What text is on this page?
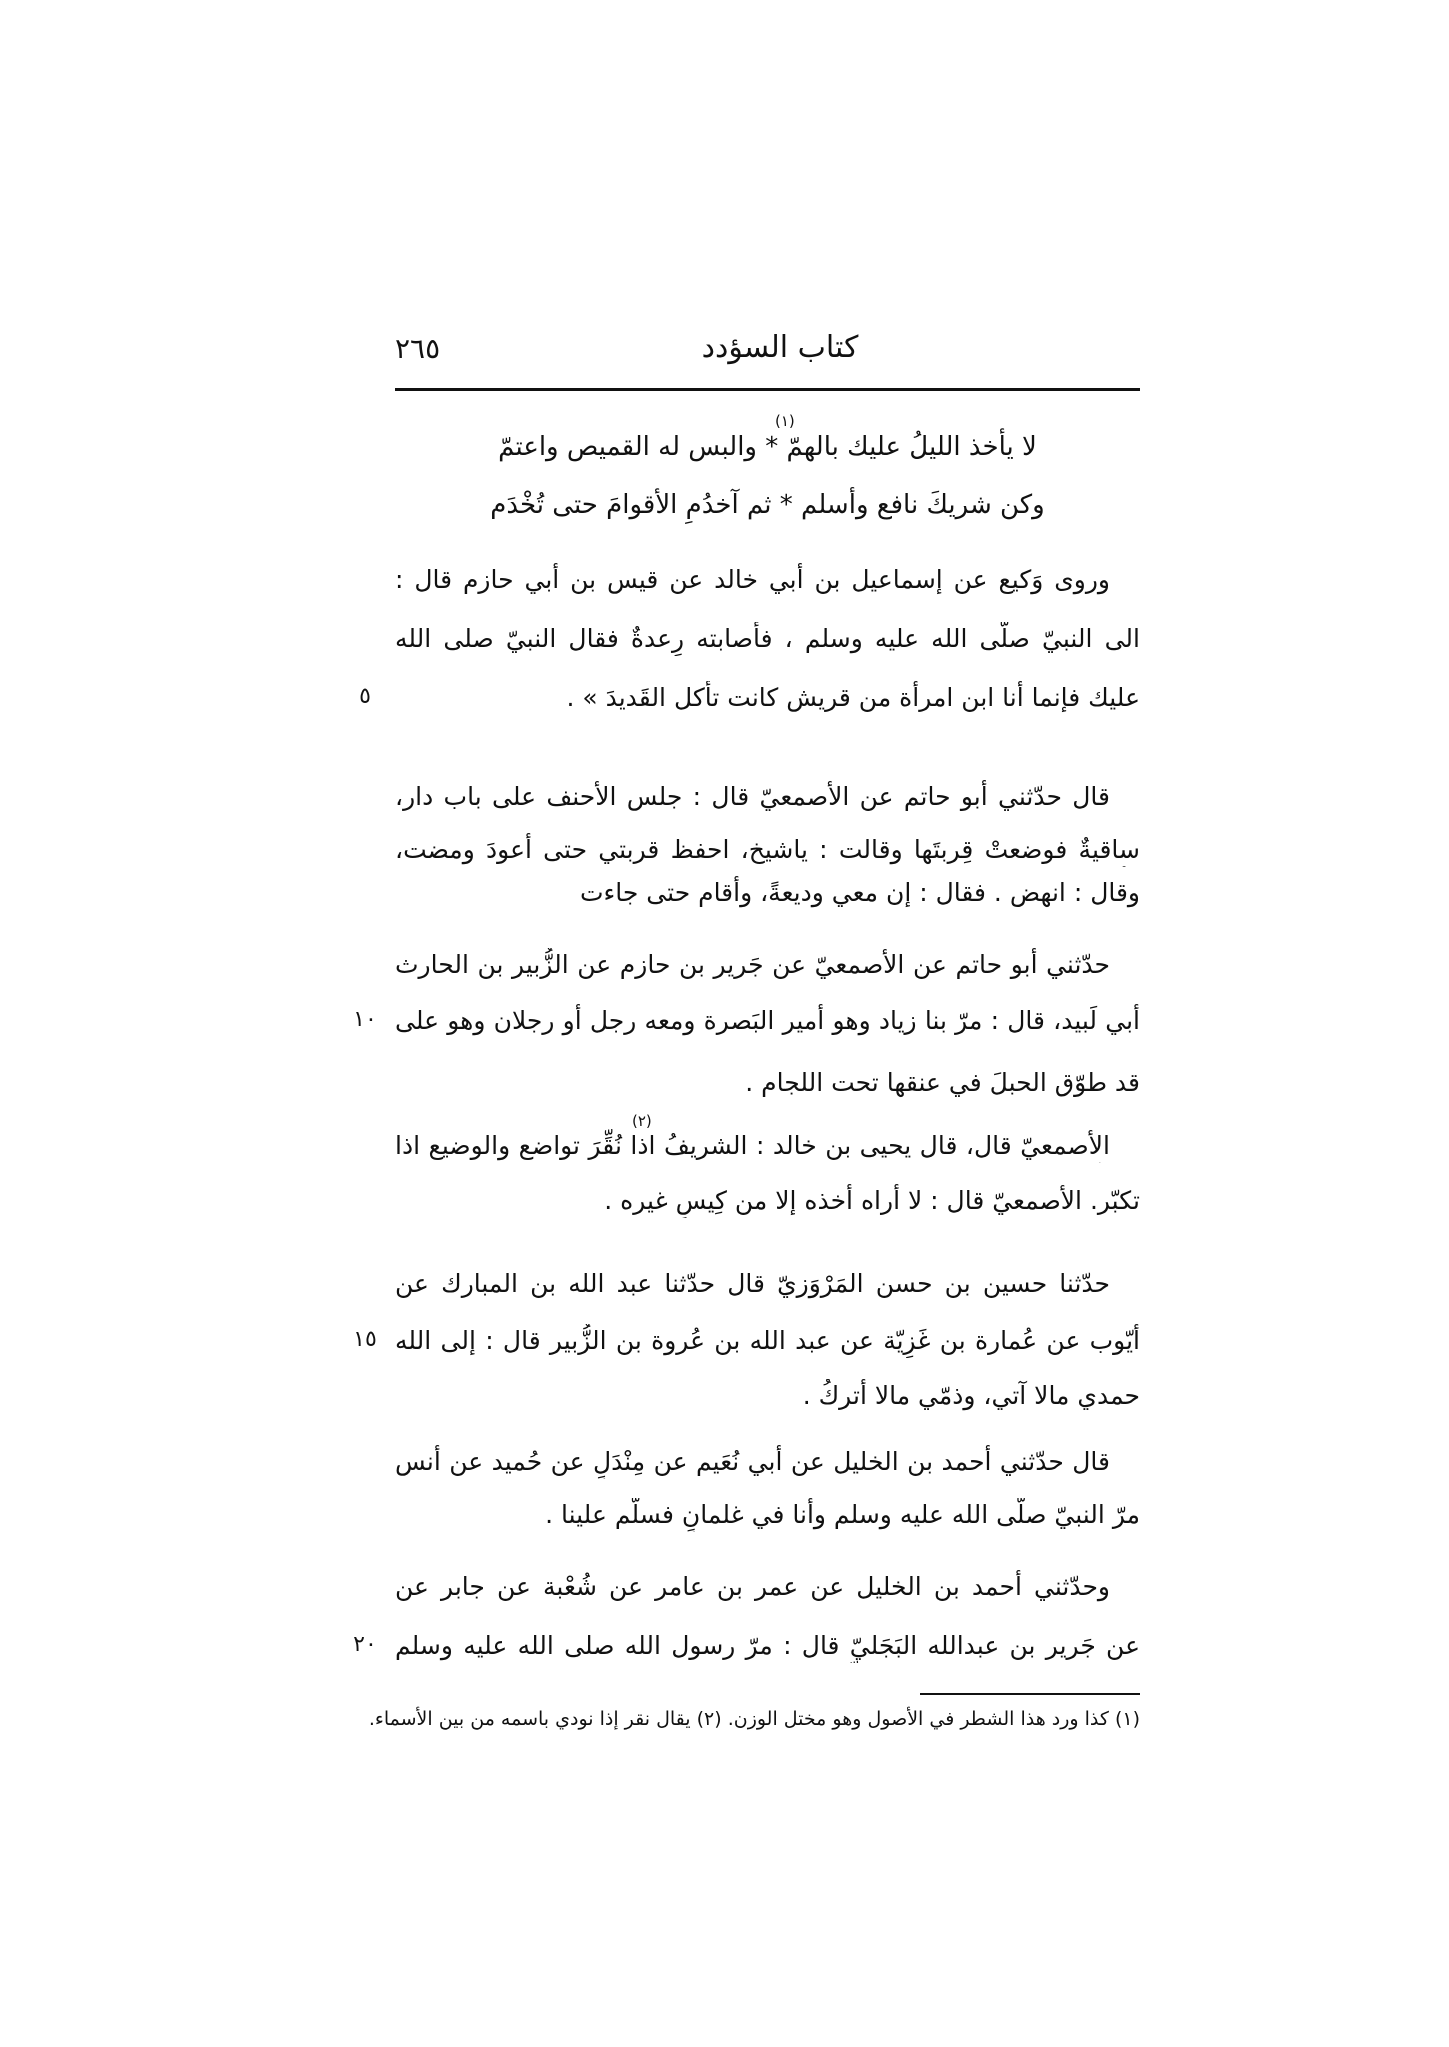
كتاب السؤدد
٢٦٥
(١)
لا يأخذ الليلُ عليك بالهمّ * والبس له القميص واعتمّ
وكن شريكَ نافع وأسلم * ثم آخدُمِ الأقوامَ حتى تُخْدَم
وروى وَكيع عن إسماعيل بن أبي خالد عن قيس بن أبي حازم قال :
الى النبيّ صلّى الله عليه وسلم ، فأصابته رِعدةٌ فقال النبيّ صلى الله
عليك فإنما أنا ابن امرأة من قريش كانت تأكل القَديدَ » .
٥
قال حدّثني أبو حاتم عن الأصمعيّ قال : جلس الأحنف على باب دار،
ساقيةٌ فوضعتْ قِربتَها وقالت : ياشيخ، احفظ قربتي حتى أعودَ ومضت،
وقال : انهض . فقال : إن معي وديعةً، وأقام حتى جاءت
حدّثني أبو حاتم عن الأصمعيّ عن جَرير بن حازم عن الزُّبير بن الحارث
أبي لَبيد، قال : مرّ بنا زياد وهو أمير البَصرة ومعه رجل أو رجلان وهو على
١٠
قد طوّق الحبلَ في عنقها تحت اللجام .
(٢)
الأصمعيّ قال، قال يحيى بن خالد : الشريفُ اذا نُقِّرَ تواضع والوضيع اذا
تكبّر. الأصمعيّ قال : لا أُراه أخذه إلا من كِيسِ غيره .
حدّثنا حسين بن حسن المَرْوَزيّ قال حدّثنا عبد الله بن المبارك عن
أيّوب عن عُمارة بن غَزِيّة عن عبد الله بن عُروة بن الزُّبير قال : إلى الله
١٥
حمدي مالا آتي، وذمّي مالا أتركُ .
قال حدّثني أحمد بن الخليل عن أبي نُعَيم عن مِنْدَلٍ عن حُميد عن أنس
مرّ النبيّ صلّى الله عليه وسلم وأنا في غلمانٍ فسلّم علينا .
وحدّثني أحمد بن الخليل عن عمر بن عامر عن شُعْبة عن جابر عن
عن جَرير بن عبدالله البَجَليّ قال : مرّ رسول الله صلى الله عليه وسلم
٢٠
(١) كذا ورد هذا الشطر في الأصول وهو مختل الوزن. (٢) يقال نقر إذا نودي باسمه من بين الأسماء.
